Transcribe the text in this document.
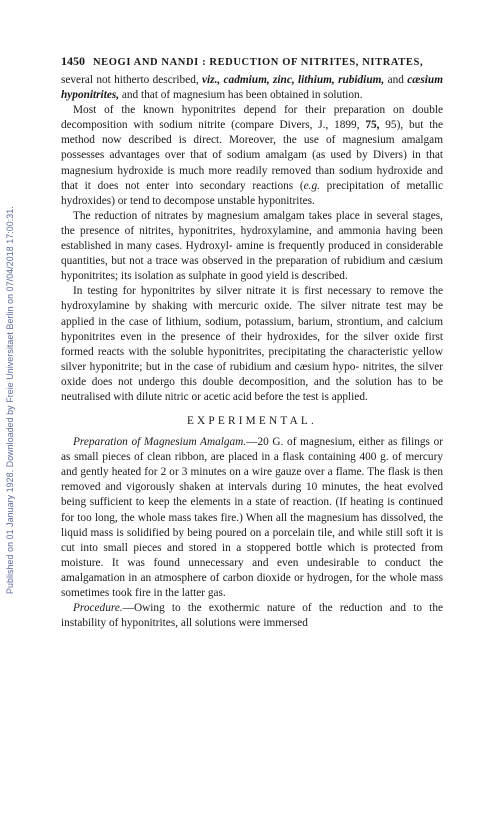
Published on 01 January 1928. Downloaded by Freie Universitaet Berlin on 07/04/2018 17:00:31.
1450 NEOGI AND NANDI : REDUCTION OF NITRITES, NITRATES,

several not hitherto described, viz., cadmium, zinc, lithium, rubidium, and cæsium hyponitrites, and that of magnesium has been obtained in solution.

Most of the known hyponitrites depend for their preparation on double decomposition with sodium nitrite (compare Divers, J., 1899, 75, 95), but the method now described is direct. Moreover, the use of magnesium amalgam possesses advantages over that of sodium amalgam (as used by Divers) in that magnesium hydroxide is much more readily removed than sodium hydroxide and that it does not enter into secondary reactions (e.g. precipitation of metallic hydroxides) or tend to decompose unstable hyponitrites.

The reduction of nitrates by magnesium amalgam takes place in several stages, the presence of nitrites, hyponitrites, hydroxylamine, and ammonia having been established in many cases. Hydroxyl- amine is frequently produced in considerable quantities, but not a trace was observed in the preparation of rubidium and cæsium hyponitrites; its isolation as sulphate in good yield is described.

In testing for hyponitrites by silver nitrate it is first necessary to remove the hydroxylamine by shaking with mercuric oxide. The silver nitrate test may be applied in the case of lithium, sodium, potassium, barium, strontium, and calcium hyponitrites even in the presence of their hydroxides, for the silver oxide first formed reacts with the soluble hyponitrites, precipitating the characteristic yellow silver hyponitrite; but in the case of rubidium and cæsium hypo- nitrites, the silver oxide does not undergo this double decomposition, and the solution has to be neutralised with dilute nitric or acetic acid before the test is applied.

EXPERIMENTAL.

Preparation of Magnesium Amalgam.—20 G. of magnesium, either as filings or as small pieces of clean ribbon, are placed in a flask containing 400 g. of mercury and gently heated for 2 or 3 minutes on a wire gauze over a flame. The flask is then removed and vigorously shaken at intervals during 10 minutes, the heat evolved being sufficient to keep the elements in a state of reaction. (If heating is continued for too long, the whole mass takes fire.) When all the magnesium has dissolved, the liquid mass is solidified by being poured on a porcelain tile, and while still soft it is cut into small pieces and stored in a stoppered bottle which is protected from moisture. It was found unnecessary and even undesirable to conduct the amalgamation in an atmosphere of carbon dioxide or hydrogen, for the whole mass sometimes took fire in the latter gas.

Procedure.—Owing to the exothermic nature of the reduction and to the instability of hyponitrites, all solutions were immersed
